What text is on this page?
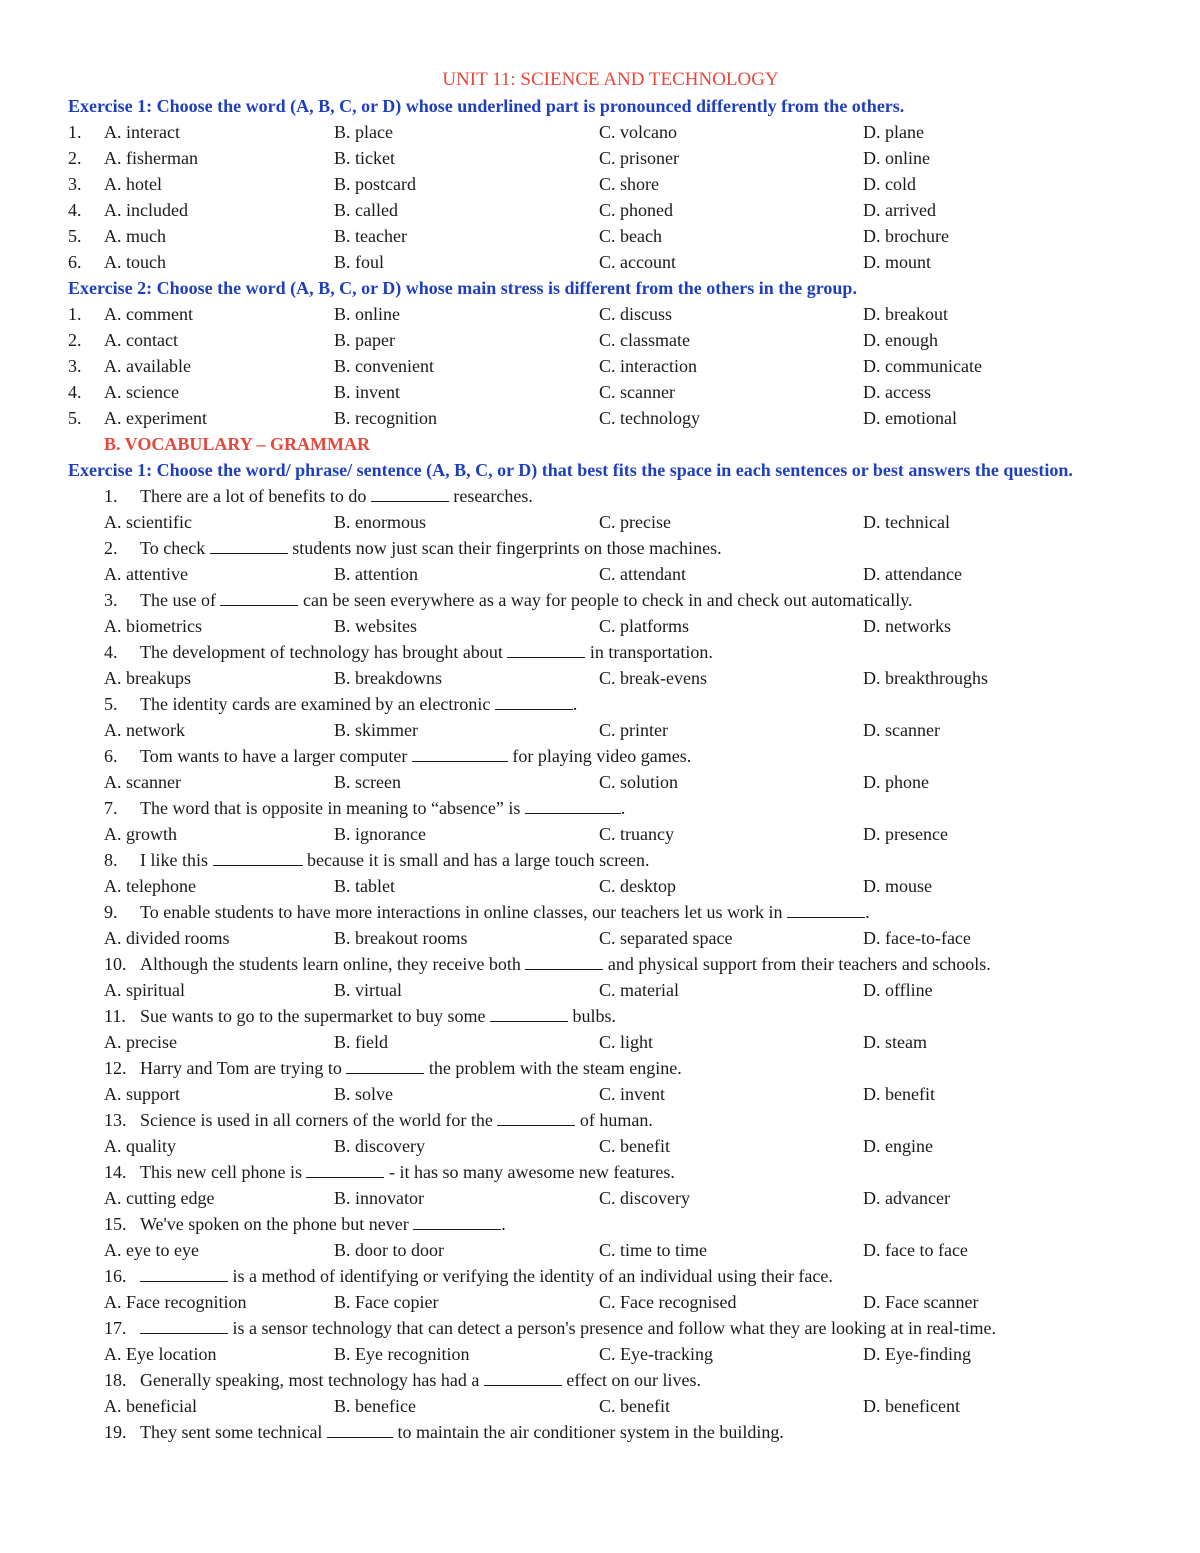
UNIT 11: SCIENCE AND TECHNOLOGY
Exercise 1: Choose the word (A, B, C, or D) whose underlined part is pronounced differently from the others.
1. A. interact	B. place	C. volcano	D. plane
2. A. fisherman	B. ticket	C. prisoner	D. online
3. A. hotel	B. postcard	C. shore	D. cold
4. A. included	B. called	C. phoned	D. arrived
5. A. much	B. teacher	C. beach	D. brochure
6. A. touch	B. foul	C. account	D. mount
Exercise 2: Choose the word (A, B, C, or D) whose main stress is different from the others in the group.
1. A. comment	B. online	C. discuss	D. breakout
2. A. contact	B. paper	C. classmate	D. enough
3. A. available	B. convenient	C. interaction	D. communicate
4. A. science	B. invent	C. scanner	D. access
5. A. experiment	B. recognition	C. technology	D. emotional
B. VOCABULARY – GRAMMAR
Exercise 1: Choose the word/ phrase/ sentence (A, B, C, or D) that best fits the space in each sentences or best answers the question.
1. There are a lot of benefits to do	researches.
A. scientific	B. enormous	C. precise	D. technical
2. To check	students now just scan their fingerprints on those machines.
A. attentive	B. attention	C. attendant	D. attendance
3. The use of	can be seen everywhere as a way for people to check in and check out automatically.
A. biometrics	B. websites	C. platforms	D. networks
4. The development of technology has brought about	in transportation.
A. breakups	B. breakdowns	C. break-evens	D. breakthroughs
5. The identity cards are examined by an electronic	.
A. network	B. skimmer	C. printer	D. scanner
6. Tom wants to have a larger computer	for playing video games.
A. scanner	B. screen	C. solution	D. phone
7. The word that is opposite in meaning to “absence” is	.
A. growth	B. ignorance	C. truancy	D. presence
8. I like this	because it is small and has a large touch screen.
A. telephone	B. tablet	C. desktop	D. mouse
9. To enable students to have more interactions in online classes, our teachers let us work in	.
A. divided rooms	B. breakout rooms	C. separated space	D. face-to-face
10. Although the students learn online, they receive both	and physical support from their teachers and schools.
A. spiritual	B. virtual	C. material	D. offline
11. Sue wants to go to the supermarket to buy some	bulbs.
A. precise	B. field	C. light	D. steam
12. Harry and Tom are trying to	the problem with the steam engine.
A. support	B. solve	C. invent	D. benefit
13. Science is used in all corners of the world for the	of human.
A. quality	B. discovery	C. benefit	D. engine
14. This new cell phone is	- it has so many awesome new features.
A. cutting edge	B. innovator	C. discovery	D. advancer
15. We've spoken on the phone but never	.
A. eye to eye	B. door to door	C. time to time	D. face to face
16.	is a method of identifying or verifying the identity of an individual using their face.
A. Face recognition	B. Face copier	C. Face recognised	D. Face scanner
17.	is a sensor technology that can detect a person's presence and follow what they are looking at in real-time.
A. Eye location	B. Eye recognition	C. Eye-tracking	D. Eye-finding
18. Generally speaking, most technology has had a	effect on our lives.
A. beneficial	B. benefice	C. benefit	D. beneficent
19. They sent some technical	to maintain the air conditioner system in the building.
